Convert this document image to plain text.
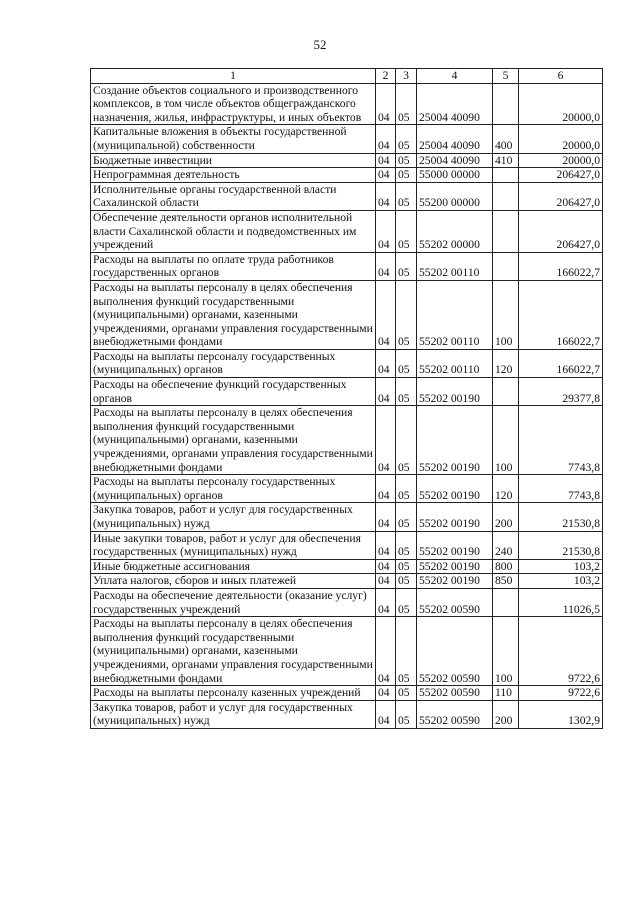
52
1	2	3	4	5	6
Создание объектов социального и производственного комплексов, в том числе объектов общегражданского назначения, жилья, инфраструктуры, и иных объектов	04	05	25004 40090		20000,0
Капитальные вложения в объекты государственной (муниципальной) собственности	04	05	25004 40090	400	20000,0
Бюджетные инвестиции	04	05	25004 40090	410	20000,0
Непрограммная деятельность	04	05	55000 00000		206427,0
Исполнительные органы государственной власти Сахалинской области	04	05	55200 00000		206427,0
Обеспечение деятельности органов исполнительной власти Сахалинской области и подведомственных им учреждений	04	05	55202 00000		206427,0
Расходы на выплаты по оплате труда работников государственных органов	04	05	55202 00110		166022,7
Расходы на выплаты персоналу в целях обеспечения выполнения функций государственными (муниципальными) органами, казенными учреждениями, органами управления государственными внебюджетными фондами	04	05	55202 00110	100	166022,7
Расходы на выплаты персоналу государственных (муниципальных) органов	04	05	55202 00110	120	166022,7
Расходы на обеспечение функций государственных органов	04	05	55202 00190		29377,8
Расходы на выплаты персоналу в целях обеспечения выполнения функций государственными (муниципальными) органами, казенными учреждениями, органами управления государственными внебюджетными фондами	04	05	55202 00190	100	7743,8
Расходы на выплаты персоналу государственных (муниципальных) органов	04	05	55202 00190	120	7743,8
Закупка товаров, работ и услуг для государственных (муниципальных) нужд	04	05	55202 00190	200	21530,8
Иные закупки товаров, работ и услуг для обеспечения государственных (муниципальных) нужд	04	05	55202 00190	240	21530,8
Иные бюджетные ассигнования	04	05	55202 00190	800	103,2
Уплата налогов, сборов и иных платежей	04	05	55202 00190	850	103,2
Расходы на обеспечение деятельности (оказание услуг) государственных учреждений	04	05	55202 00590		11026,5
Расходы на выплаты персоналу в целях обеспечения выполнения функций государственными (муниципальными) органами, казенными учреждениями, органами управления государственными внебюджетными фондами	04	05	55202 00590	100	9722,6
Расходы на выплаты персоналу казенных учреждений	04	05	55202 00590	110	9722,6
Закупка товаров, работ и услуг для государственных (муниципальных) нужд	04	05	55202 00590	200	1302,9
